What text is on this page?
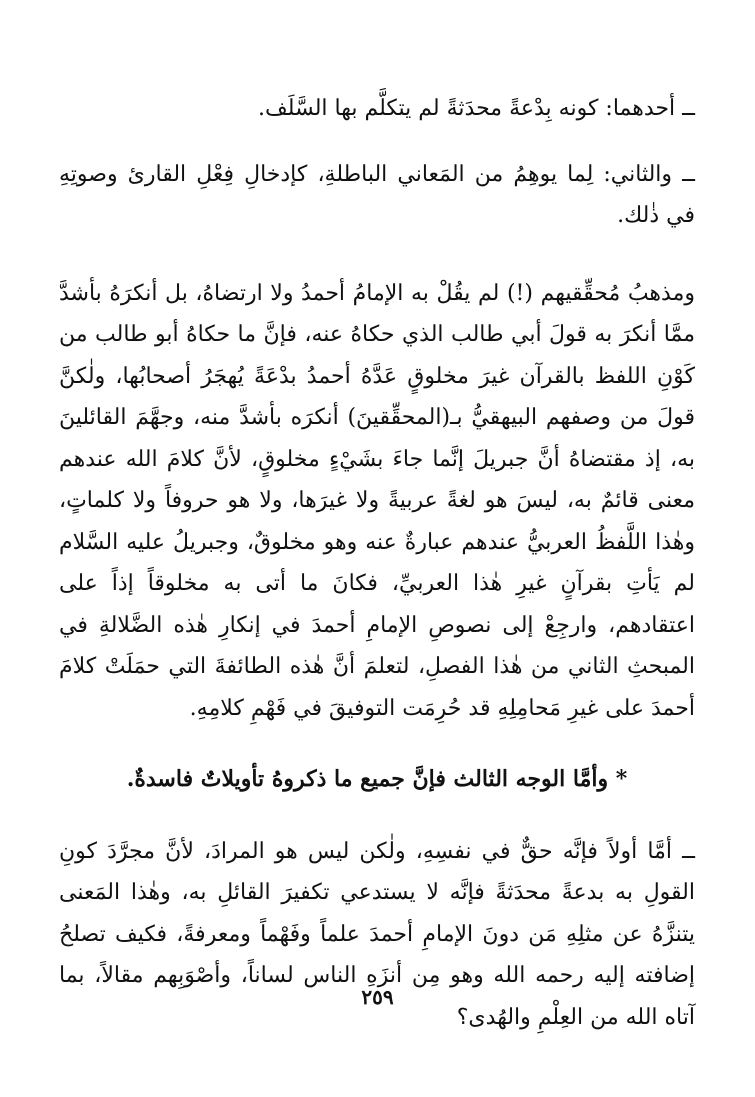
ــ أحدهما: كونه بِدْعةً محدَثةً لم يتكلَّم بها السَّلَف.

ــ والثاني: لِما يوهِمُ من المَعاني الباطلةِ، كإدخالِ فِعْلِ القارئ وصوتِهِ في ذٰلك.

ومذهبُ مُحقِّقيهم (!) لم يقُلْ به الإمامُ أحمدُ ولا ارتضاهُ، بل أنكرَهُ بأشدَّ ممَّا أنكرَ به قولَ أبي طالب الذي حكاهُ عنه، فإنَّ ما حكاهُ أبو طالب من كَوْنِ اللفظ بالقرآن غيرَ مخلوقٍ عَدَّهُ أحمدُ بدْعَةً يُهجَرُ أصحابُها، ولٰكنَّ قولَ من وصفهم البيهقيُّ بـ(المحقِّقينَ) أنكرَه بأشدَّ منه، وجهَّمَ القائلينَ به، إذ مقتضاهُ أنَّ جبريلَ إنَّما جاءَ بشَيْءٍ مخلوقٍ، لأنَّ كلامَ الله عندهم معنى قائمٌ به، ليسَ هو لغةً عربيةً ولا غيرَها، ولا هو حروفاً ولا كلماتٍ، وهٰذا اللَّفظُ العربيُّ عندهم عبارةٌ عنه وهو مخلوقٌ، وجبريلُ عليه السَّلام لم يَأتِ بقرآنٍ غيرِ هٰذا العربيِّ، فكانَ ما أتى به مخلوقاً إذاً على اعتقادهم، وارجِعْ إلى نصوصِ الإمامِ أحمدَ في إنكارِ هٰذه الضَّلالةِ في المبحثِ الثاني من هٰذا الفصلِ، لتعلمَ أنَّ هٰذه الطائفةَ التي حمَلَتْ كلامَ أحمدَ على غيرِ مَحامِلِهِ قد حُرِمَت التوفيقَ في فَهْمِ كلامِهِ.

* وأمَّا الوجه الثالث فإنَّ جميع ما ذكروهُ تأويلاتٌ فاسدةٌ.

ــ أمَّا أولاً فإنَّه حقٌّ في نفسِهِ، ولٰكن ليس هو المرادَ، لأنَّ مجرَّدَ كونِ القولِ به بدعةً محدَثةً فإنَّه لا يستدعي تكفيرَ القائلِ به، وهٰذا المَعنى يتنزَّهُ عن مثلِهِ مَن دونَ الإمامِ أحمدَ علماً وفَهْماً ومعرفةً، فكيف تصلحُ إضافته إليه رحمه الله وهو مِن أنزَهِ الناس لساناً، وأصْوَبِهم مقالاً، بما آتاه الله من العِلْمِ والهُدى؟

٢٥٩
